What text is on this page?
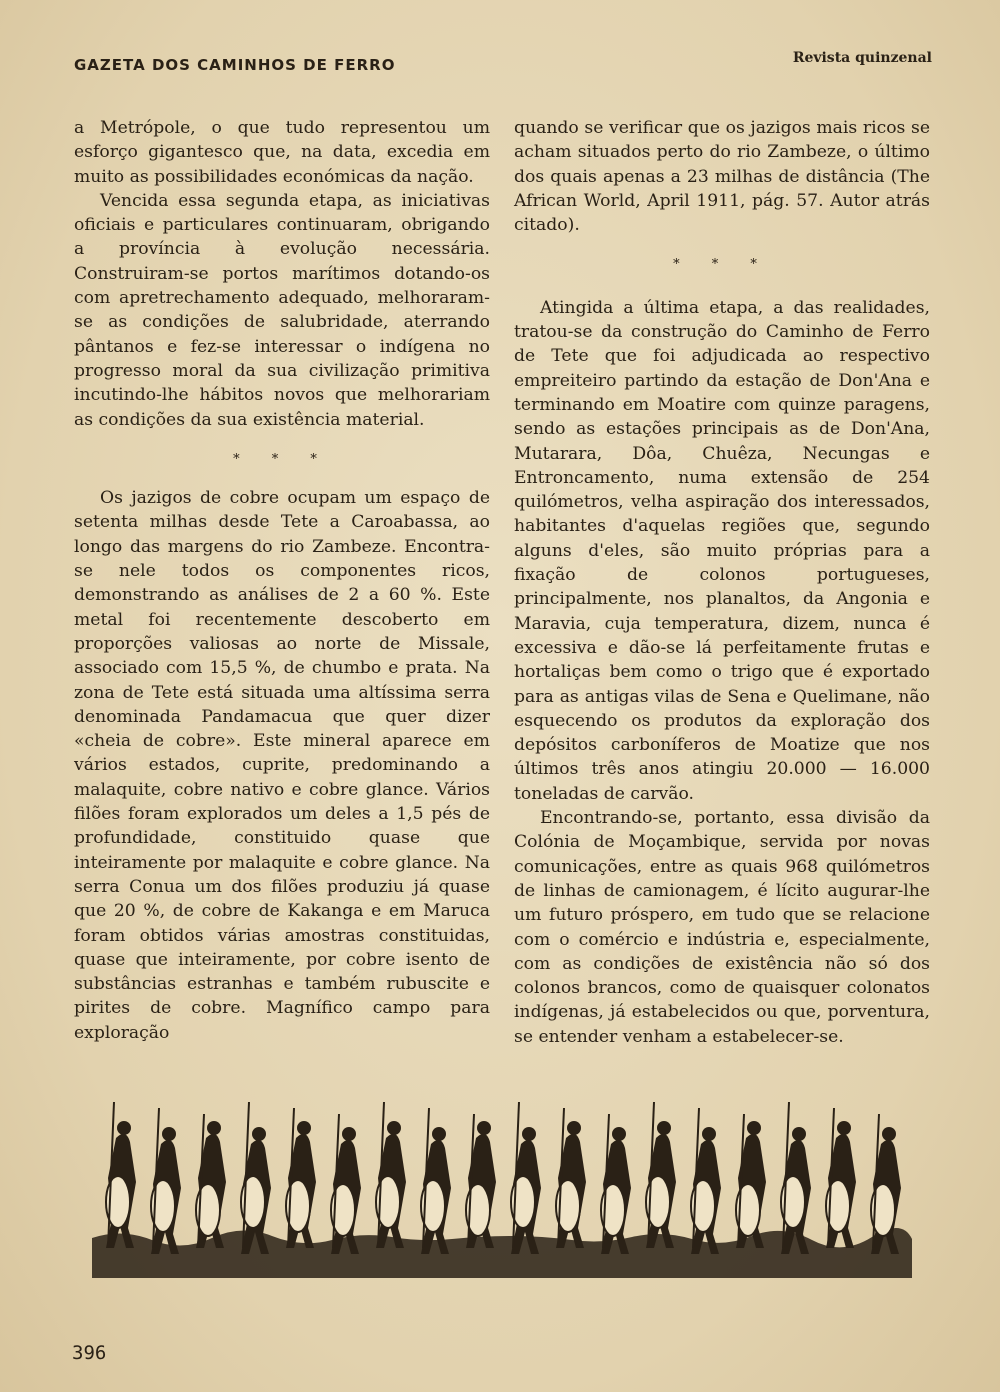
GAZETA DOS CAMINHOS DE FERRO	Revista quinzenal

a Metrópole, o que tudo representou um esforço gigantesco que, na data, excedia em muito as possibilidades económicas da nação.

Vencida essa segunda etapa, as iniciativas oficiais e particulares continuaram, obrigando a província à evolução necessária. Construiram-se portos marítimos dotando-os com apretrechamento adequado, melhoraram-se as condições de salubridade, aterrando pântanos e fez-se interessar o indígena no progresso moral da sua civilização primitiva incutindo-lhe hábitos novos que melhorariam as condições da sua existência material.

* * *

Os jazigos de cobre ocupam um espaço de setenta milhas desde Tete a Caroabassa, ao longo das margens do rio Zambeze. Encontra-se nele todos os componentes ricos, demonstrando as análises de 2 a 60 %. Este metal foi recentemente descoberto em proporções valiosas ao norte de Missale, associado com 15,5 %, de chumbo e prata. Na zona de Tete está situada uma altíssima serra denominada Pandamacua que quer dizer «cheia de cobre». Este mineral aparece em vários estados, cuprite, predominando a malaquite, cobre nativo e cobre glance. Vários filões foram explorados um deles a 1,5 pés de profundidade, constituido quase que inteiramente por malaquite e cobre glance. Na serra Conua um dos filões produziu já quase que 20 %, de cobre de Kakanga e em Maruca foram obtidos várias amostras constituidas, quase que inteiramente, por cobre isento de substâncias estranhas e também rubuscite e pirites de cobre. Magnífico campo para exploração

quando se verificar que os jazigos mais ricos se acham situados perto do rio Zambeze, o último dos quais apenas a 23 milhas de distância (The African World, April 1911, pág. 57. Autor atrás citado).

* * *

Atingida a última etapa, a das realidades, tratou-se da construção do Caminho de Ferro de Tete que foi adjudicada ao respectivo empreiteiro partindo da estação de Don'Ana e terminando em Moatire com quinze paragens, sendo as estações principais as de Don'Ana, Mutarara, Dôa, Chuêza, Necungas e Entroncamento, numa extensão de 254 quilómetros, velha aspiração dos interessados, habitantes d'aquelas regiões que, segundo alguns d'eles, são muito próprias para a fixação de colonos portugueses, principalmente, nos planaltos, da Angonia e Maravia, cuja temperatura, dizem, nunca é excessiva e dão-se lá perfeitamente frutas e hortaliças bem como o trigo que é exportado para as antigas vilas de Sena e Quelimane, não esquecendo os produtos da exploração dos depósitos carboníferos de Moatize que nos últimos três anos atingiu 20.000 — 16.000 toneladas de carvão.

Encontrando-se, portanto, essa divisão da Colónia de Moçambique, servida por novas comunicações, entre as quais 968 quilómetros de linhas de camionagem, é lícito augurar-lhe um futuro próspero, em tudo que se relacione com o comércio e indústria e, especialmente, com as condições de existência não só dos colonos brancos, como de quaisquer colonatos indígenas, já estabelecidos ou que, porventura, se entender venham a estabelecer-se.

396
